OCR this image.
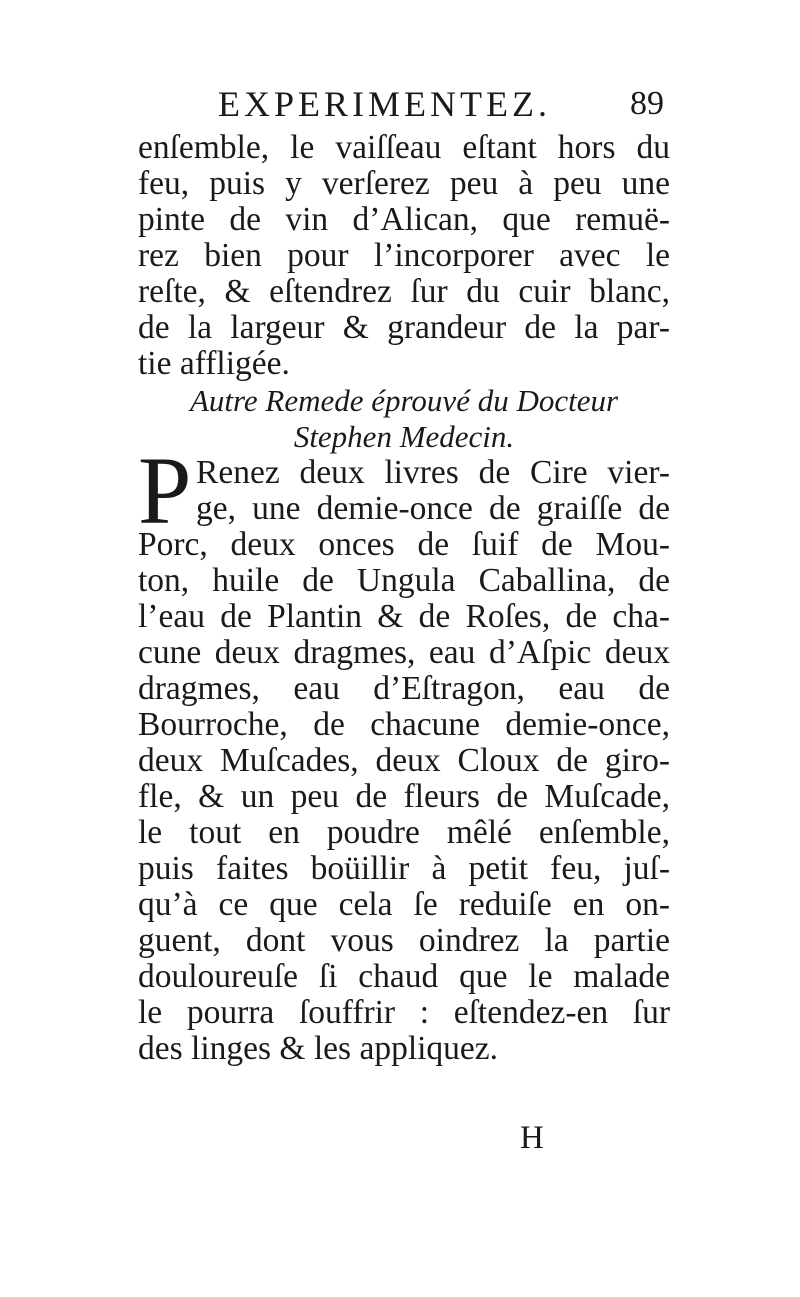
EXPERIMENTEZ. 89
enſemble, le vaiſſeau eſtant hors du
feu, puis y verſerez peu à peu une
pinte de vin d’Alican, que remuë-
rez bien pour l’incorporer avec le
reſte, & eſtendrez ſur du cuir blanc,
de la largeur & grandeur de la par-
tie affligée.
Autre Remede éprouvé du Docteur
Stephen Medecin.
P Renez deux livres de Cire vier-
ge, une demie-once de graiſſe de
Porc, deux onces de ſuif de Mou-
ton, huile de Ungula Caballina, de
l’eau de Plantin & de Roſes, de cha-
cune deux dragmes, eau d’Aſpic deux
dragmes, eau d’Eſtragon, eau de
Bourroche, de chacune demie-once,
deux Muſcades, deux Cloux de giro-
fle, & un peu de fleurs de Muſcade,
le tout en poudre mêlé enſemble,
puis faites boüillir à petit feu, juſ-
qu’à ce que cela ſe reduiſe en on-
guent, dont vous oindrez la partie
douloureuſe ſi chaud que le malade
le pourra ſouffrir : eſtendez-en ſur
des linges & les appliquez.
H
